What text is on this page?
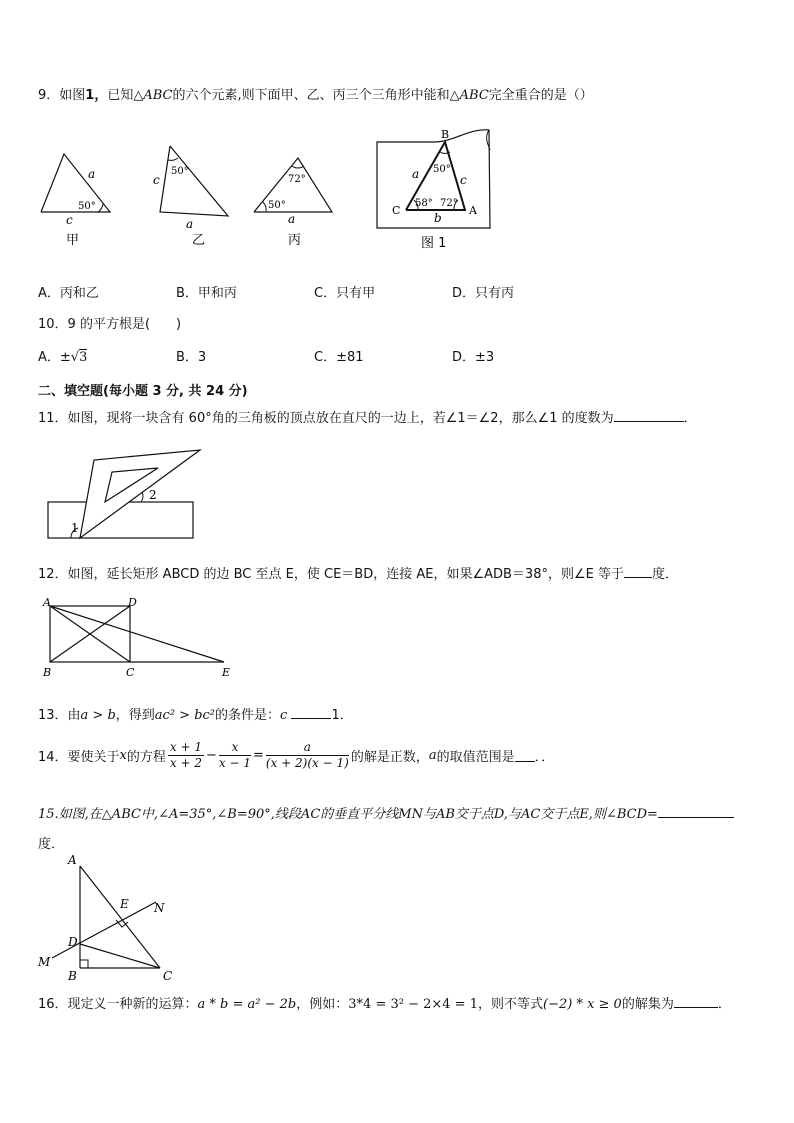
9．如图1，已知△ABC的六个元素,则下面甲、乙、丙三个三角形中能和△ABC完全重合的是（）
a
c
50°
甲
c
a
50°
乙
72°
50°
a
丙
B
C	A
a	c
b
50°
58° 72°
图 1
A．丙和乙	B．甲和丙	C．只有甲	D．只有丙
10．9 的平方根是(　　)
A．±√3	B．3	C．±81	D．±3
二、填空题(每小题 3 分, 共 24 分)
11．如图，现将一块含有 60°角的三角板的顶点放在直尺的一边上，若∠1＝∠2，那么∠1 的度数为	．
1
2
12．如图，延长矩形 ABCD 的边 BC 至点 E，使 CE＝BD，连接 AE，如果∠ADB＝38°，则∠E 等于 度．
A	D
B	C	E
13．由a > b，得到ac² > bc²的条件是：c	1．
14．要使关于 x 的方程 $\frac{x + 1}{x + 2} - \frac{x}{x - 1} = \frac{a}{(x + 2)(x - 1)}$ 的解是正数， a 的取值范围是 ．．
15.如图,在△ABC中,∠A=35°,∠B=90°,线段AC的垂直平分线MN与AB交于点D,与AC交于点E,则∠BCD=
度．
A
B	C
D
E
M
N
16．现定义一种新的运算：a * b = a² − 2b，例如：3*4 = 3² − 2×4 = 1，则不等式(−2) * x ≥ 0的解集为	．
